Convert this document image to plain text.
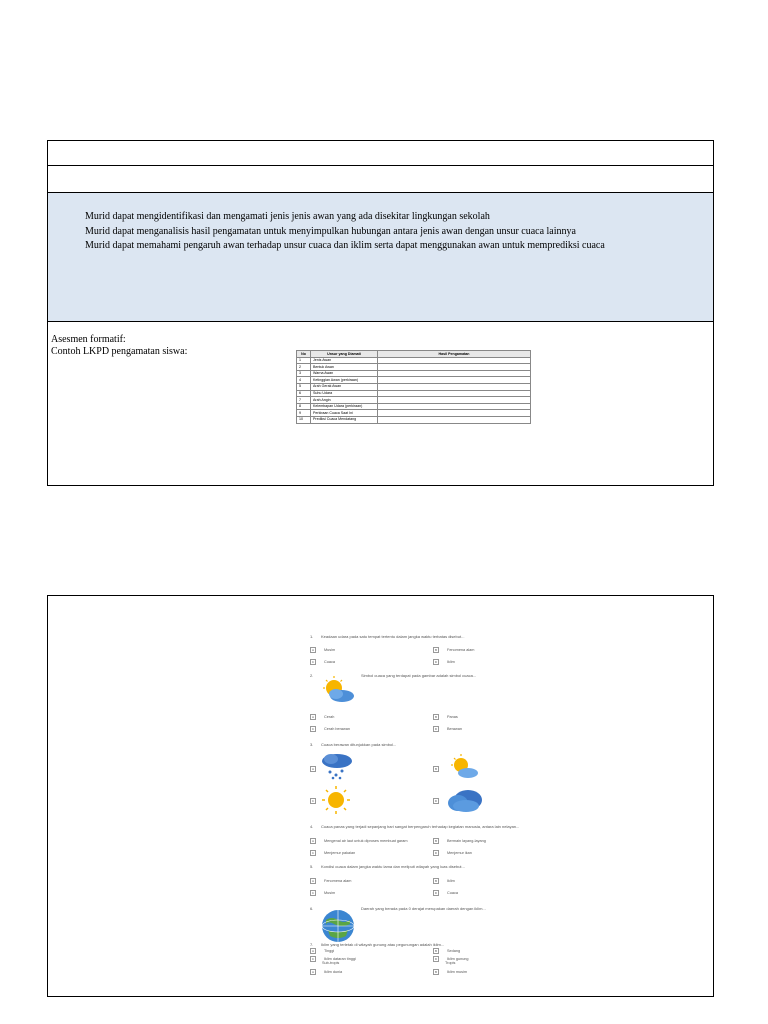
Murid dapat mengidentifikasi dan mengamati jenis jenis awan yang ada disekitar lingkungan sekolah

Murid dapat menganalisis hasil pengamatan untuk menyimpulkan hubungan antara jenis awan dengan unsur cuaca lainnya

Murid dapat memahami pengaruh awan terhadap unsur cuaca dan iklim serta dapat menggunakan awan untuk memprediksi cuaca

Asesmen formatif:

Contoh LKPD pengamatan siswa:	No	Unsur yang Diamati	Hasil Pengamatan
1	Jenis Awan	
2	Bentuk Awan	
3	Warna Awan	
4	Ketinggian Awan (perkiraan)	
5	Arah Gerak Awan	
6	Suhu Udara	
7	Arah Angin	
8	Kelembapan Udara (perkiraan)	
9	Perkiraan Cuaca Saat Ini	
10	Prediksi Cuaca Mendatang	
1. Keadaan udara pada satu tempat tertentu dalam jangka waktu terbatas disebut...
A	Musim	B	Fenomena alam
C	Cuaca	D	Iklim
2.	Simbol cuaca yang terdapat pada gambar adalah simbol cuaca...
A	Cerah	B	Panas
C	Cerah berawan	D	Berawan
3. Cuaca berawan ditunjukkan pada simbol...
A	B
C	D
4. Cuaca panas yang terjadi sepanjang hari sangat berpengaruh terhadap kegiatan manusia, antara lain nelayan...
A	Mengenal air laut untuk diproses membuat garam	B	Bermain layang-layang
C	Menjemur pakaian	D	Menjemur ikan
5. Kondisi cuaca dalam jangka waktu lama dan meliputi wilayah yang luas disebut...
A	Fenomena alam	B	Iklim
C	Musim	D	Cuaca
6.	Daerah yang berada pada 0 derajat merupakan daerah dengan iklim...
7. Iklim yang terletak di wilayah gunung atau pegunungan adalah iklim...
A	Tinggi	B	Sedang
C	Iklim dataran tinggi	D	Iklim gunung
Sub-tropis	Tropis
A	Iklim dunia	B	Iklim musim
